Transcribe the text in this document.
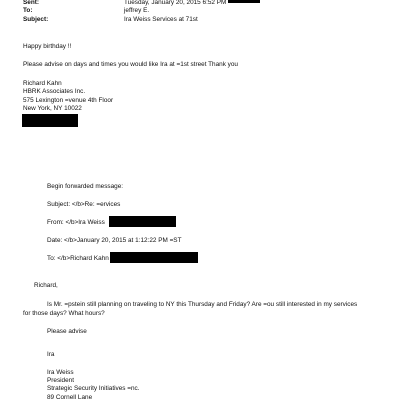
Sent:	Tuesday, January 20, 2015 6:52 PM
To:	jeffrey E.
Subject:	Ira Weiss Services at 71st
Happy birthday !!
Please advise on days and times you would like Ira at =1st street Thank you
Richard Kahn
HBRK Associates Inc.
575 Lexington =venue 4th Floor
New York, NY 10022
Begin forwarded message:
Subject: </b>Re: =ervices
From: </b>Ira Weiss
Date: </b>January 20, 2015 at 1:12:22 PM =ST
To: </b>Richard Kahn
Richard,
Is Mr. =pstein still planning on traveling to NY this Thursday and Friday? Are =ou still interested in my services
for those days? What hours?
Please advise
Ira
Ira Weiss
President
Strategic Security Initiatives =nc.
89 Cornell Lane
